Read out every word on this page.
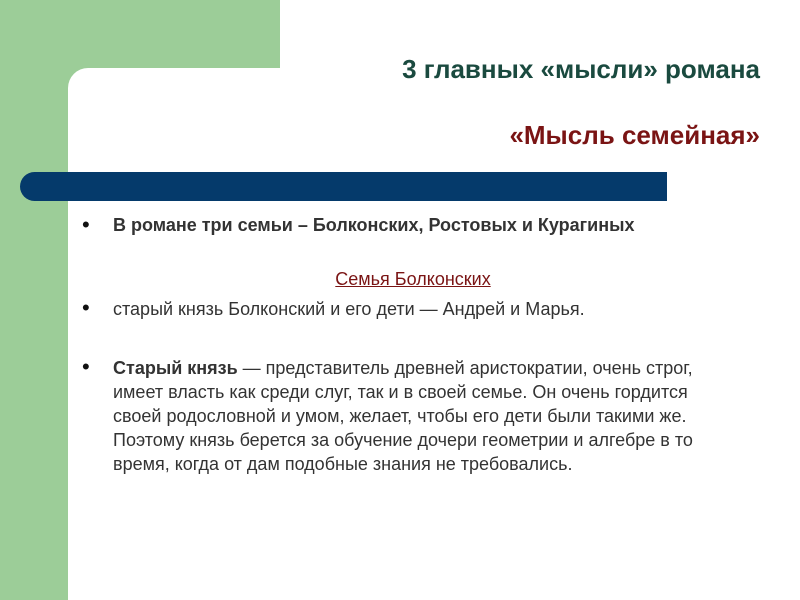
3 главных «мысли» романа
«Мысль семейная»
•	В романе три семьи – Болконских, Ростовых и Курагиных
Семья Болконских
•	старый князь Болконский и его дети — Андрей и Марья.
•	Старый князь — представитель древней аристократии, очень строг, имеет власть как среди слуг, так и в своей семье. Он очень гордится своей родословной и умом, желает, чтобы его дети были такими же. Поэтому князь берется за обучение дочери геометрии и алгебре в то время, когда от дам подобные знания не требовались.
